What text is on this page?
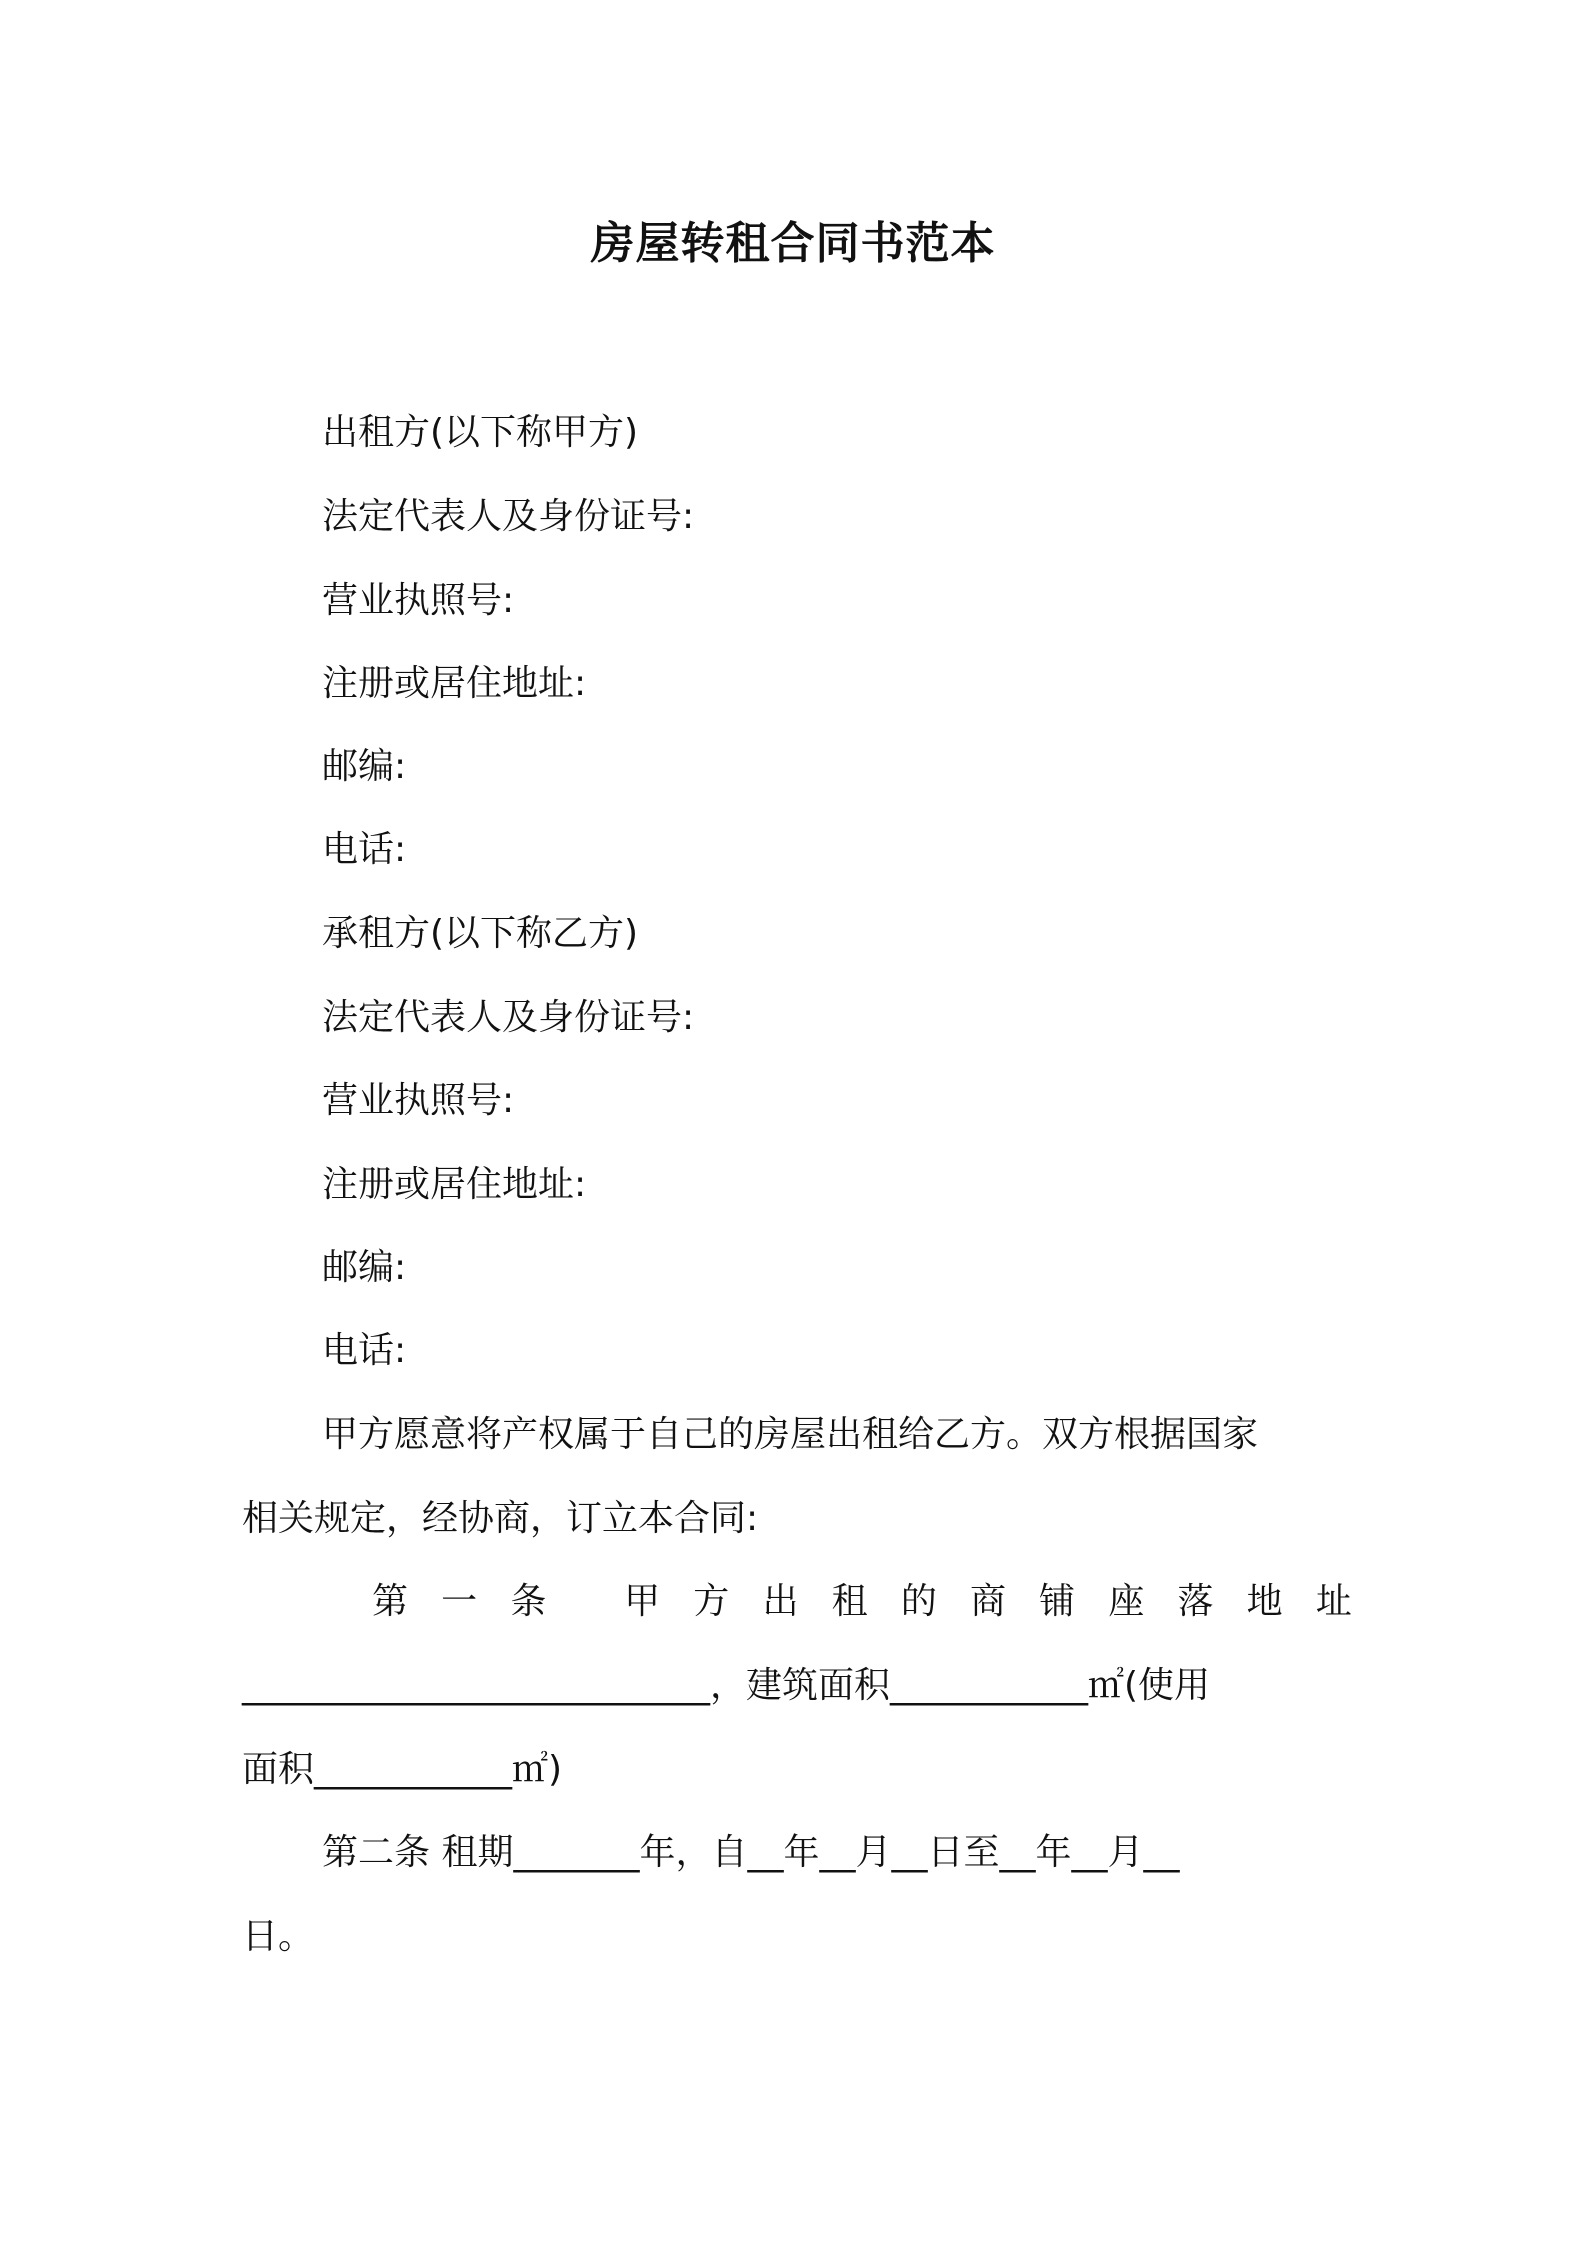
房屋转租合同书范本

出租方(以下称甲方)

法定代表人及身份证号:

营业执照号:

注册或居住地址:

邮编:

电话:

承租方(以下称乙方)

法定代表人及身份证号:

营业执照号:

注册或居住地址:

邮编:

电话:

甲方愿意将产权属于自己的房屋出租给乙方。双方根据国家
相关规定，经协商，订立本合同:
第 一 条
甲 方 出 租 的 商 铺 座 落 地 址
__________________________，建筑面积___________㎡(使用
面积___________㎡)
第二条 租期_______年，自__年__月__日至__年__月__
日。
